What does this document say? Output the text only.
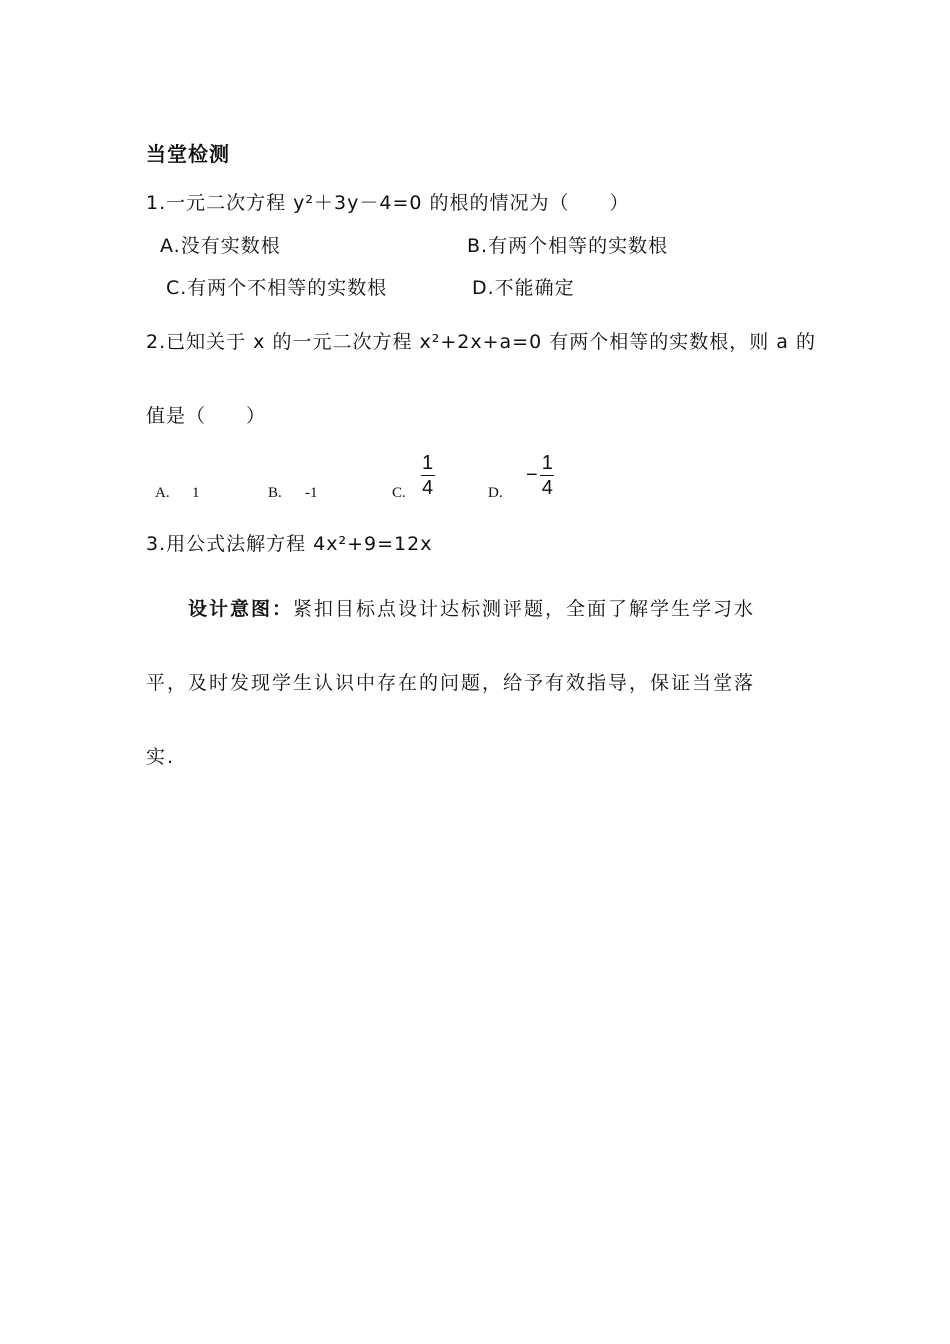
当堂检测
1.一元二次方程 y²＋3y－4=0 的根的情况为（　　）
A.没有实数根	B.有两个相等的实数根
C.有两个不相等的实数根	D.不能确定
2.已知关于 x 的一元二次方程 x²+2x+a=0 有两个相等的实数根，则 a 的
值是（　　）
A. 1	B. -1	C. $\frac{1}{4}$	D.
− $\frac{1}{4}$
3.用公式法解方程 4x²+9=12x
设计意图：紧扣目标点设计达标测评题，全面了解学生学习水
平，及时发现学生认识中存在的问题，给予有效指导，保证当堂落
实.
